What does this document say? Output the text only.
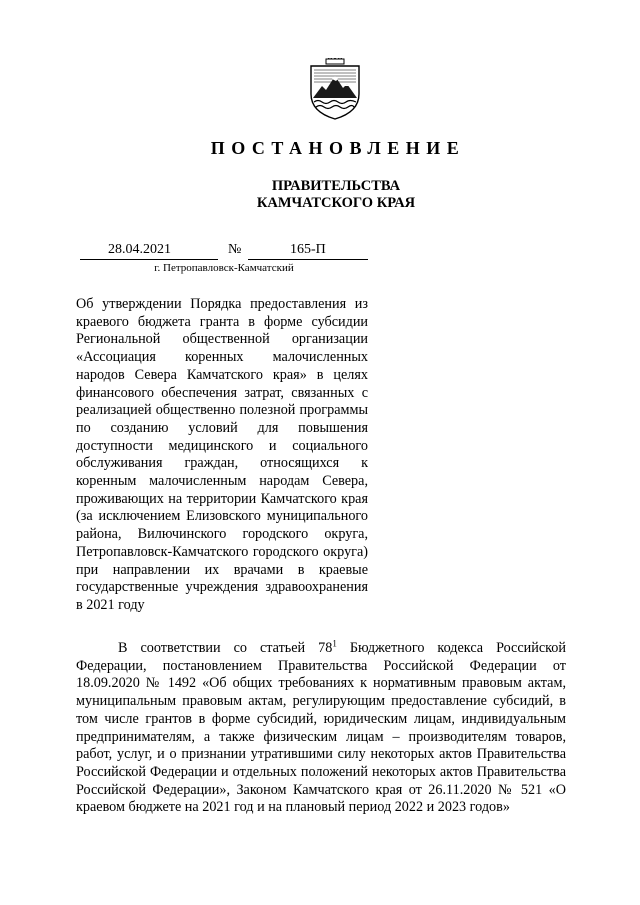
ПОСТАНОВЛЕНИЕ
ПРАВИТЕЛЬСТВА
КАМЧАТСКОГО КРАЯ
28.04.2021	№	165-П
г. Петропавловск-Камчатский
Об утверждении Порядка предоставления из краевого бюджета гранта в форме субсидии Региональной общественной организации «Ассоциация коренных малочисленных народов Севера Камчатского края» в целях финансового обеспечения затрат, связанных с реализацией общественно полезной программы по созданию условий для повышения доступности медицинского и социального обслуживания граждан, относящихся к коренным малочисленным народам Севера, проживающих на территории Камчатского края (за исключением Елизовского муниципального района, Вилючинского городского округа, Петропавловск-Камчатского городского округа) при направлении их врачами в краевые государственные учреждения здравоохранения в 2021 году
В соответствии со статьей $78^1$ Бюджетного кодекса Российской Федерации, постановлением Правительства Российской Федерации от 18.09.2020 № 1492 «Об общих требованиях к нормативным правовым актам, муниципальным правовым актам, регулирующим предоставление субсидий, в том числе грантов в форме субсидий, юридическим лицам, индивидуальным предпринимателям, а также физическим лицам – производителям товаров, работ, услуг, и о признании утратившими силу некоторых актов Правительства Российской Федерации и отдельных положений некоторых актов Правительства Российской Федерации», Законом Камчатского края от 26.11.2020 № 521 «О краевом бюджете на 2021 год и на плановый период 2022 и 2023 годов»
